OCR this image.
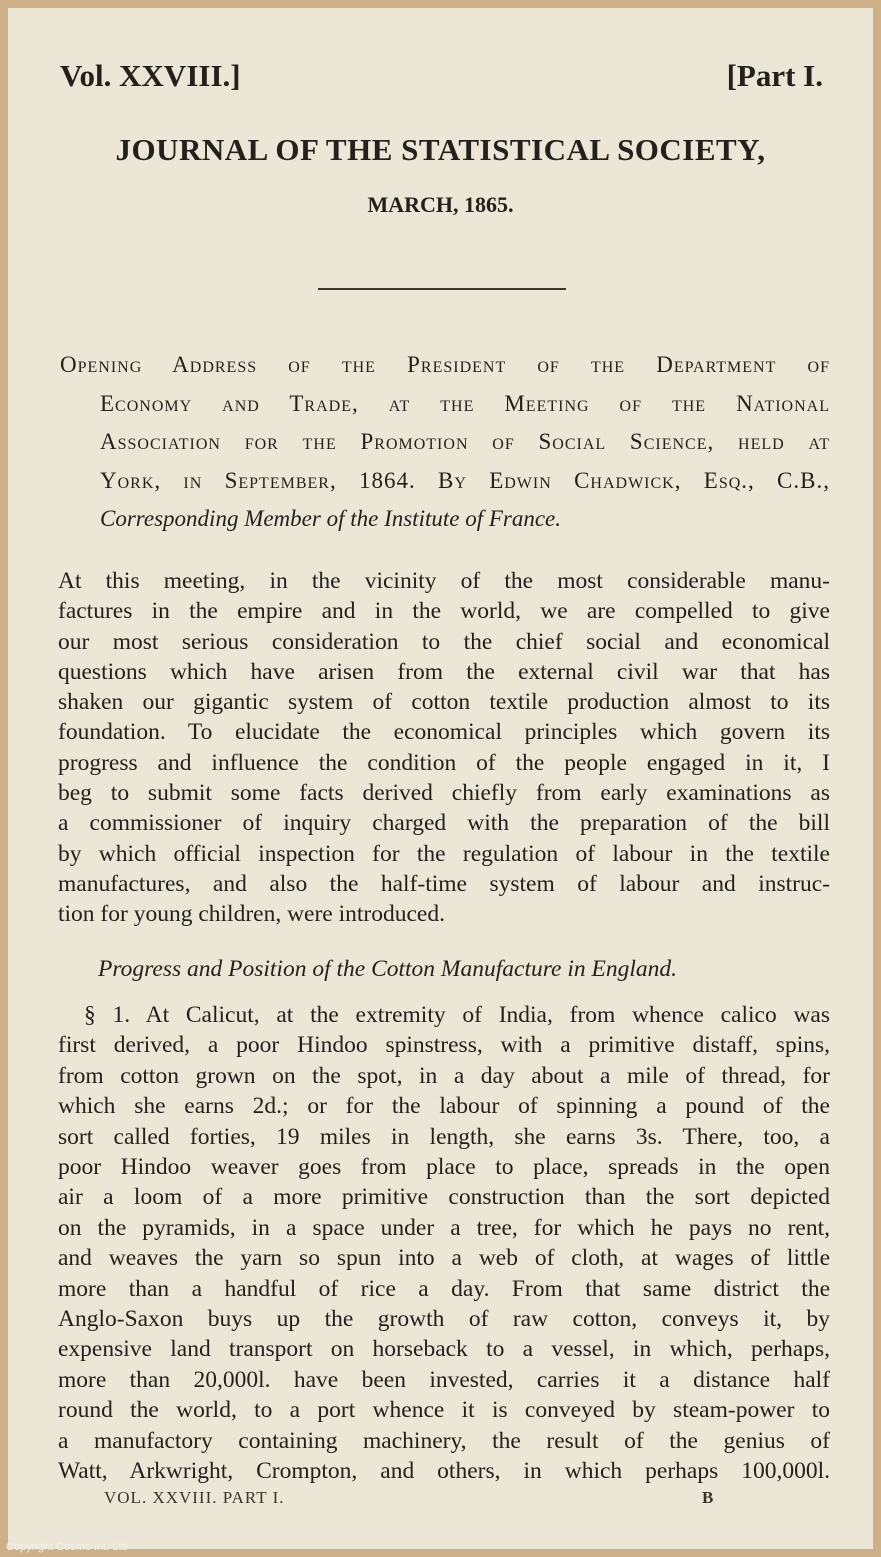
Vol. XXVIII.]	[Part I.
JOURNAL OF THE STATISTICAL SOCIETY,
MARCH, 1865.
Opening Address of the President of the Department of
Economy and Trade, at the Meeting of the National
Association for the Promotion of Social Science, held at
York, in September, 1864. By Edwin Chadwick, Esq., C.B.,
Corresponding Member of the Institute of France.
At this meeting, in the vicinity of the most considerable manu-
factures in the empire and in the world, we are compelled to give
our most serious consideration to the chief social and economical
questions which have arisen from the external civil war that has
shaken our gigantic system of cotton textile production almost to its
foundation. To elucidate the economical principles which govern its
progress and influence the condition of the people engaged in it, I
beg to submit some facts derived chiefly from early examinations as
a commissioner of inquiry charged with the preparation of the bill
by which official inspection for the regulation of labour in the textile
manufactures, and also the half-time system of labour and instruc-
tion for young children, were introduced.
Progress and Position of the Cotton Manufacture in England.
§ 1. At Calicut, at the extremity of India, from whence calico was
first derived, a poor Hindoo spinstress, with a primitive distaff, spins,
from cotton grown on the spot, in a day about a mile of thread, for
which she earns 2d.; or for the labour of spinning a pound of the
sort called forties, 19 miles in length, she earns 3s. There, too, a
poor Hindoo weaver goes from place to place, spreads in the open
air a loom of a more primitive construction than the sort depicted
on the pyramids, in a space under a tree, for which he pays no rent,
and weaves the yarn so spun into a web of cloth, at wages of little
more than a handful of rice a day. From that same district the
Anglo-Saxon buys up the growth of raw cotton, conveys it, by
expensive land transport on horseback to a vessel, in which, perhaps,
more than 20,000l. have been invested, carries it a distance half
round the world, to a port whence it is conveyed by steam-power to
a manufactory containing machinery, the result of the genius of
Watt, Arkwright, Crompton, and others, in which perhaps 100,000l.
VOL. XXVIII. PART I.	B
Copyright Cosmo Int. Ltd
